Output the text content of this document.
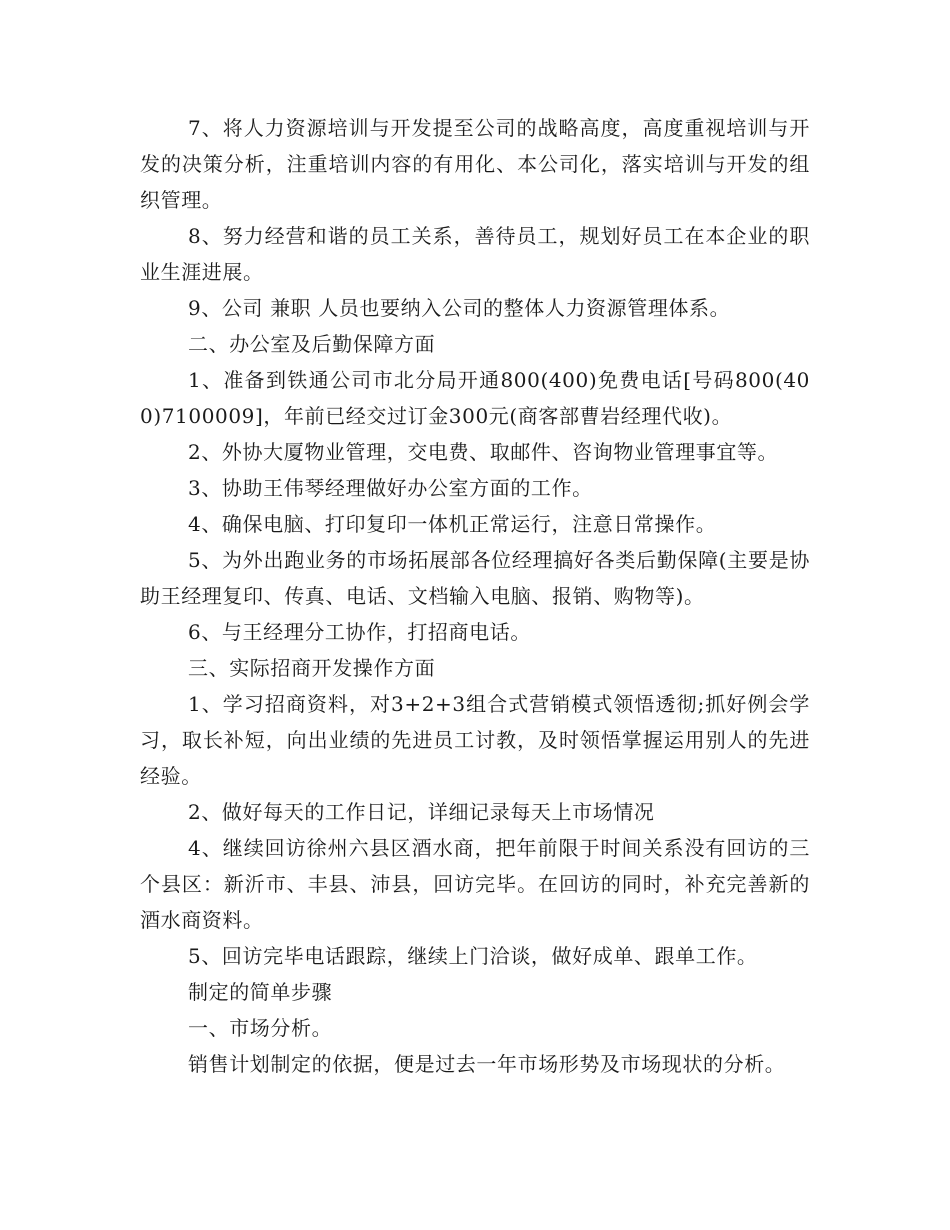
7、将人力资源培训与开发提至公司的战略高度，高度重视培训与开发的决策分析，注重培训内容的有用化、本公司化，落实培训与开发的组织管理。

8、努力经营和谐的员工关系，善待员工，规划好员工在本企业的职业生涯进展。

9、公司 兼职 人员也要纳入公司的整体人力资源管理体系。

二、办公室及后勤保障方面

1、准备到铁通公司市北分局开通800(400)免费电话[号码800(400)7100009]，年前已经交过订金300元(商客部曹岩经理代收)。

2、外协大厦物业管理，交电费、取邮件、咨询物业管理事宜等。

3、协助王伟琴经理做好办公室方面的工作。

4、确保电脑、打印复印一体机正常运行，注意日常操作。

5、为外出跑业务的市场拓展部各位经理搞好各类后勤保障(主要是协助王经理复印、传真、电话、文档输入电脑、报销、购物等)。

6、与王经理分工协作，打招商电话。

三、实际招商开发操作方面

1、学习招商资料，对3+2+3组合式营销模式领悟透彻;抓好例会学习，取长补短，向出业绩的先进员工讨教，及时领悟掌握运用别人的先进经验。

2、做好每天的工作日记，详细记录每天上市场情况

4、继续回访徐州六县区酒水商，把年前限于时间关系没有回访的三个县区：新沂市、丰县、沛县，回访完毕。在回访的同时，补充完善新的酒水商资料。

5、回访完毕电话跟踪，继续上门洽谈，做好成单、跟单工作。

制定的简单步骤

一、市场分析。

销售计划制定的依据，便是过去一年市场形势及市场现状的分析。
